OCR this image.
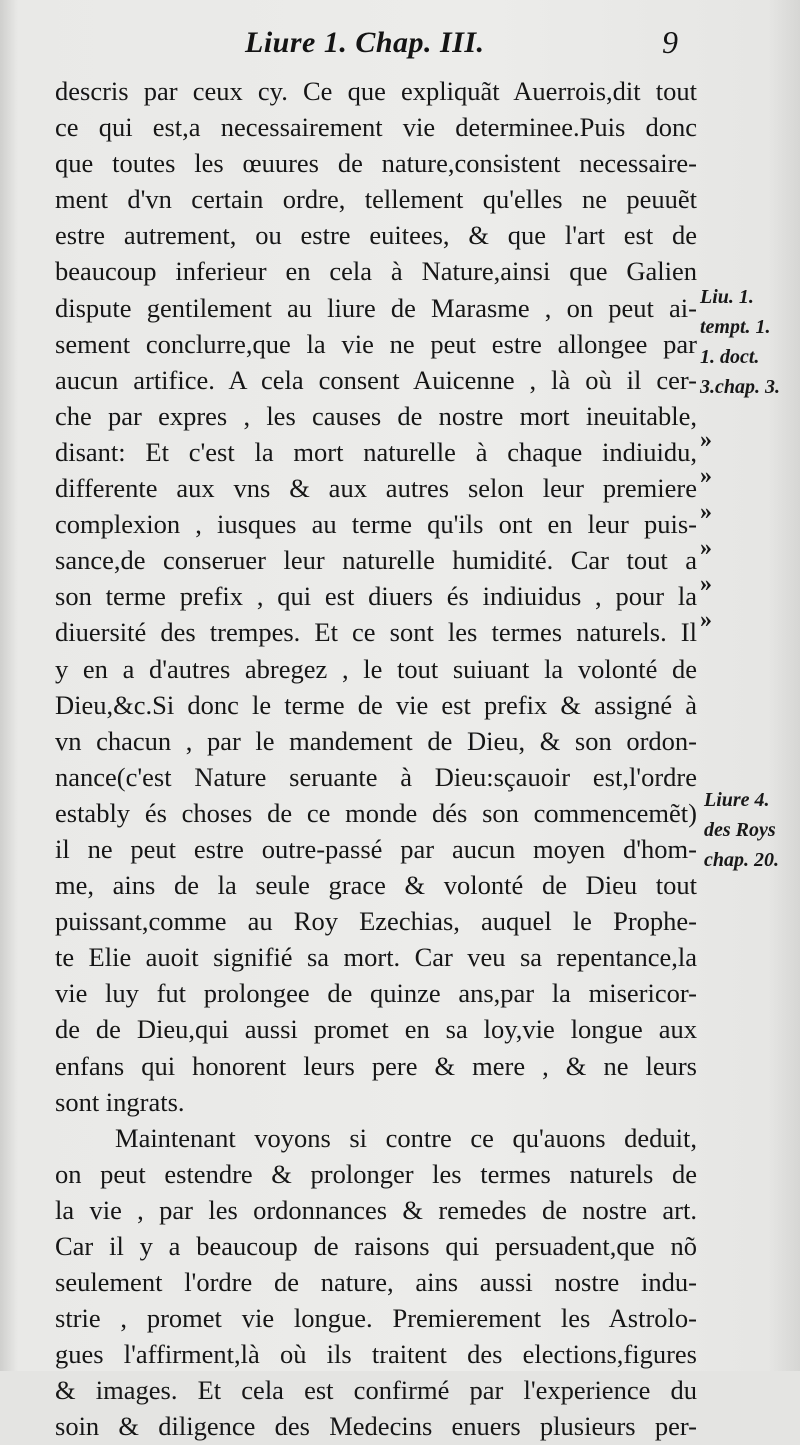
Liure 1. Chap. III.	9
descris par ceux cy. Ce que expliquãt Auerrois,dit tout
ce qui est,a necessairement vie determinee.Puis donc
que toutes les œuures de nature,consistent necessaire-
ment d'vn certain ordre, tellement qu'elles ne peuuẽt
estre autrement, ou estre euitees, & que l'art est de
beaucoup inferieur en cela à Nature,ainsi que Galien
dispute gentilement au liure de Marasme , on peut ai-
sement conclurre,que la vie ne peut estre allongee par
aucun artifice. A cela consent Auicenne , là où il cer-
che par expres , les causes de nostre mort ineuitable,
disant: Et c'est la mort naturelle à chaque indiuidu,
differente aux vns & aux autres selon leur premiere
complexion , iusques au terme qu'ils ont en leur puis-
sance,de conseruer leur naturelle humidité. Car tout a
son terme prefix , qui est diuers és indiuidus , pour la
diuersité des trempes. Et ce sont les termes naturels. Il
y en a d'autres abregez , le tout suiuant la volonté de
Dieu,&c.Si donc le terme de vie est prefix & assigné à
vn chacun , par le mandement de Dieu, & son ordon-
nance(c'est Nature seruante à Dieu:sçauoir est,l'ordre
estably és choses de ce monde dés son commencemẽt)
il ne peut estre outre-passé par aucun moyen d'hom-
me, ains de la seule grace & volonté de Dieu tout
puissant,comme au Roy Ezechias, auquel le Prophe-
te Elie auoit signifié sa mort. Car veu sa repentance,la
vie luy fut prolongee de quinze ans,par la misericor-
de de Dieu,qui aussi promet en sa loy,vie longue aux
enfans qui honorent leurs pere & mere , & ne leurs
sont ingrats.
Maintenant voyons si contre ce qu'auons deduit,
on peut estendre & prolonger les termes naturels de
la vie , par les ordonnances & remedes de nostre art.
Car il y a beaucoup de raisons qui persuadent,que nõ
seulement l'ordre de nature, ains aussi nostre indu-
strie , promet vie longue. Premierement les Astrolo-
gues l'affirment,là où ils traitent des elections,figures
& images. Et cela est confirmé par l'experience du
soin & diligence des Medecins enuers plusieurs per-
Liu. 1.
tempt. 1.
1. doct.
3.chap. 3.
»
»
»
»
»
»
Liure 4.
des Roys
chap. 20.
